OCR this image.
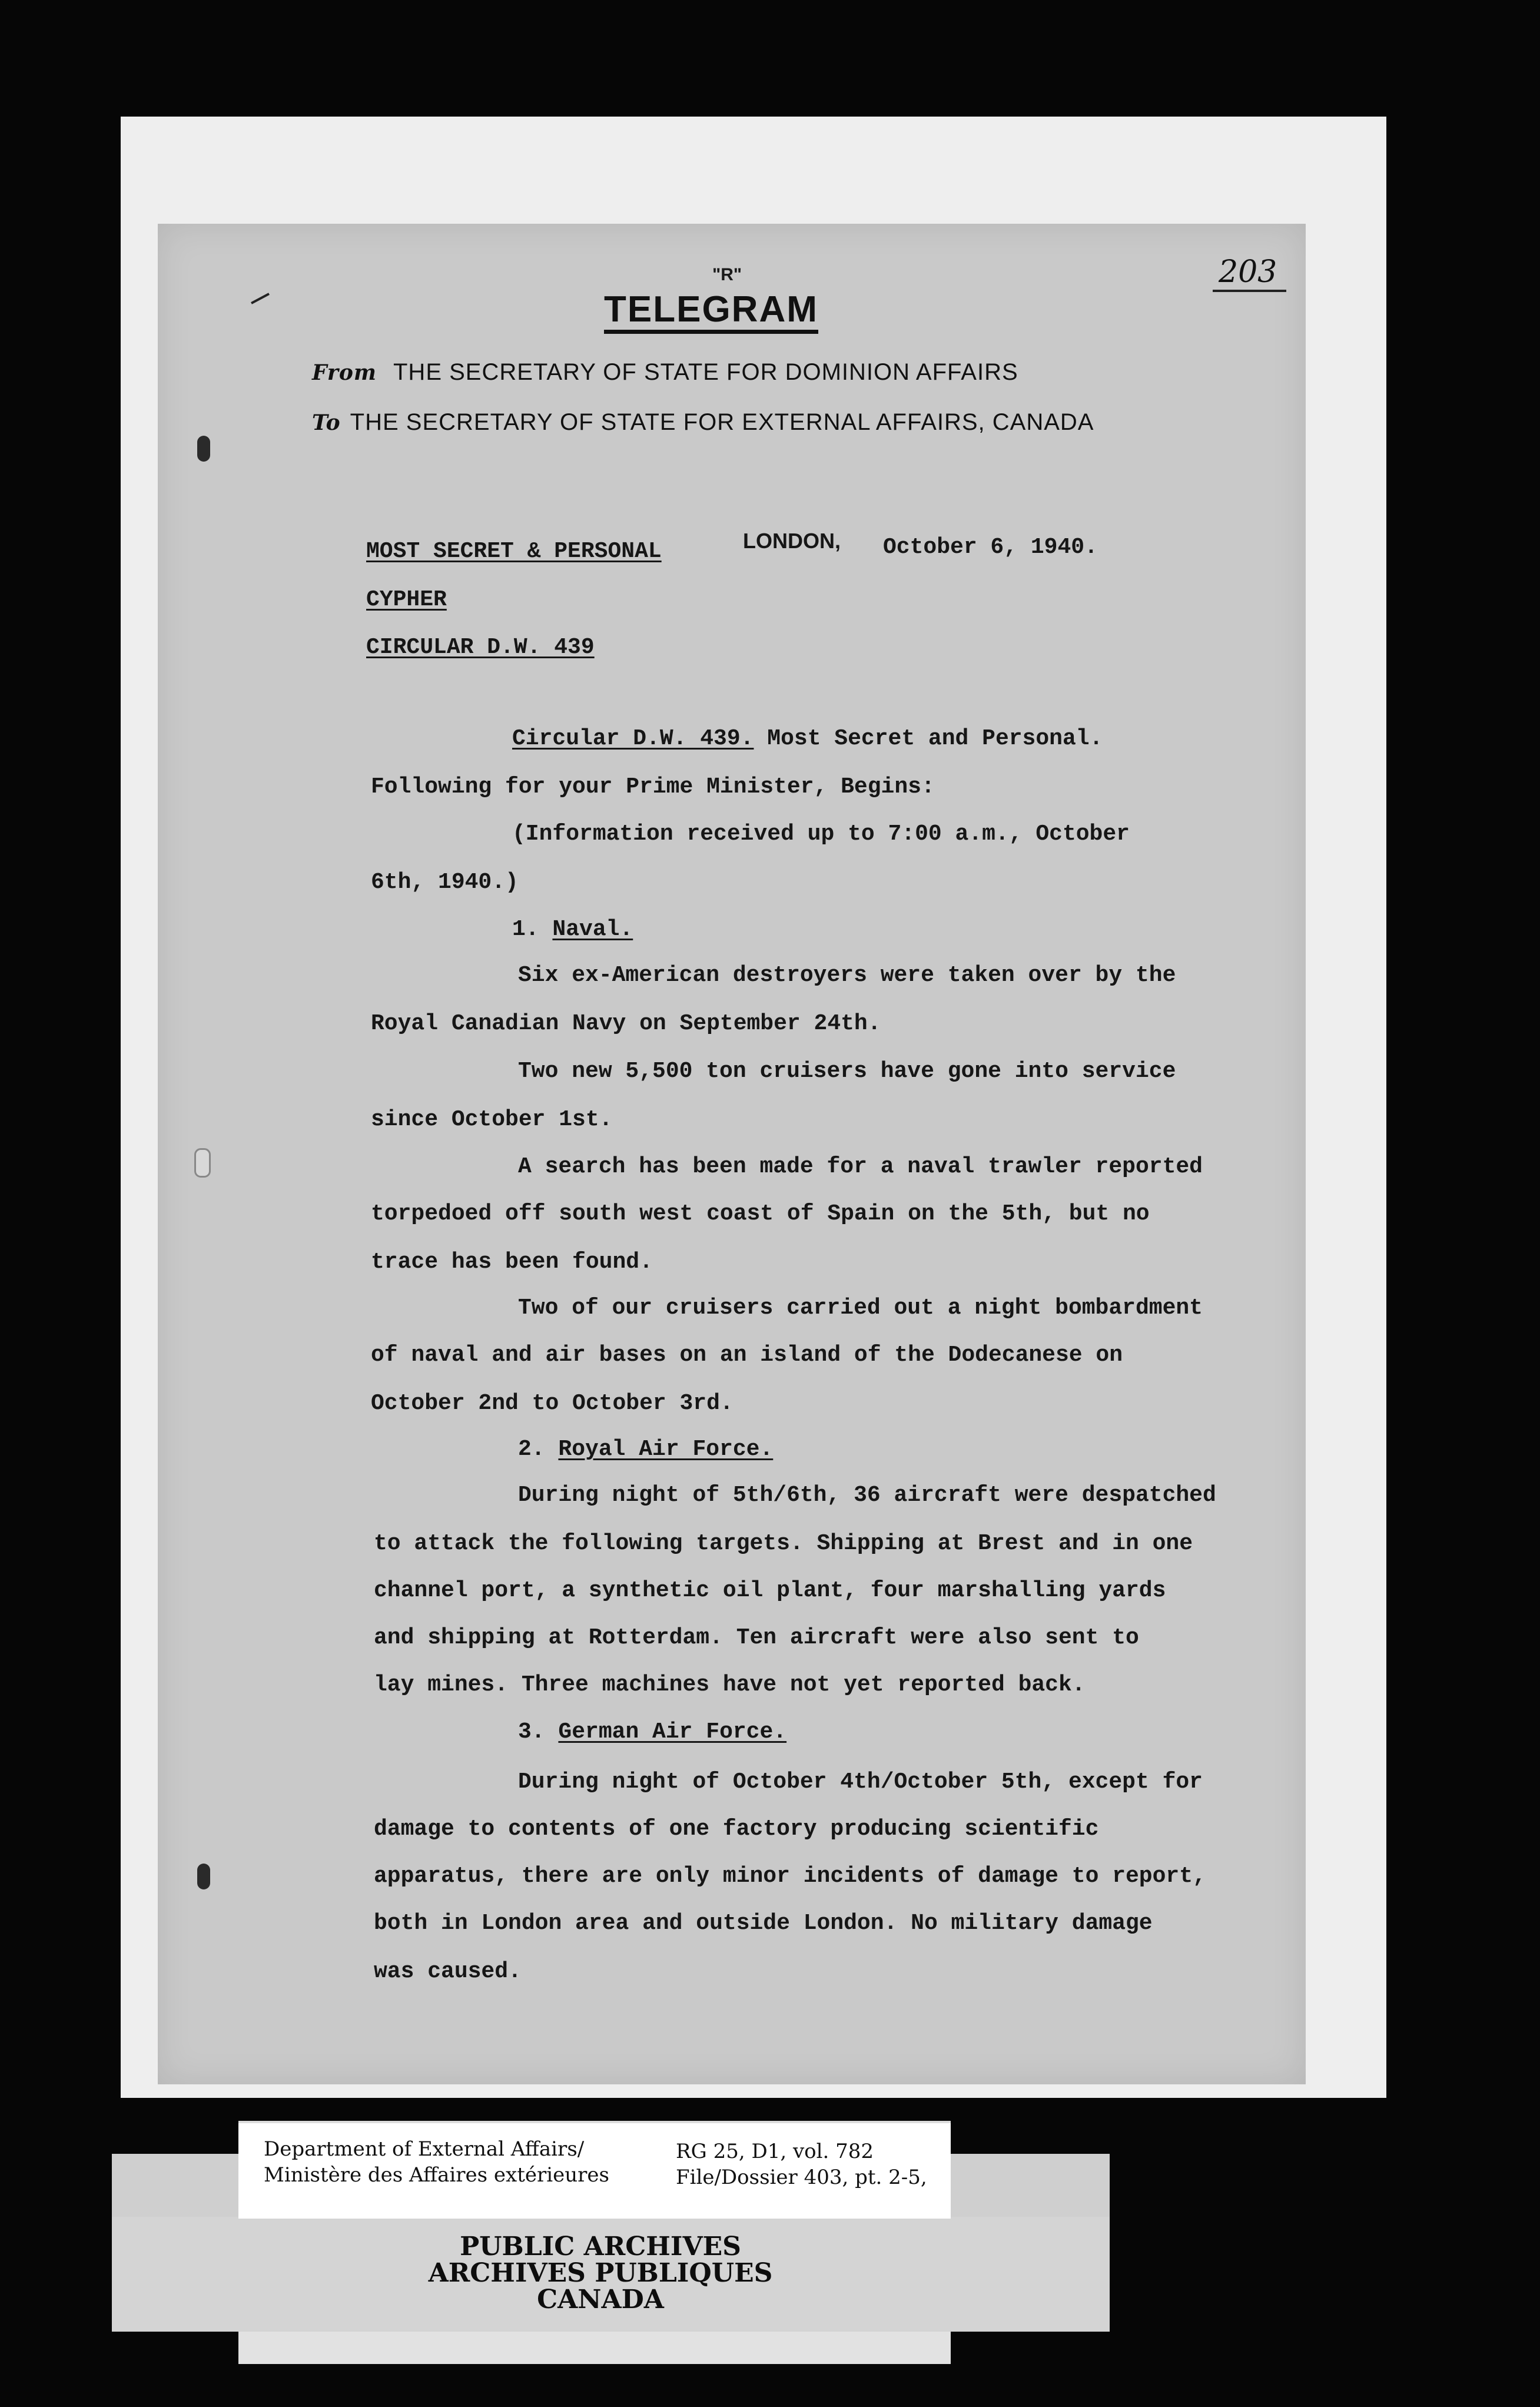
203
"R"
TELEGRAM
From THE SECRETARY OF STATE FOR DOMINION AFFAIRS
To THE SECRETARY OF STATE FOR EXTERNAL AFFAIRS, CANADA
MOST SECRET & PERSONAL	LONDON, October 6, 1940.
CYPHER
CIRCULAR D.W. 439
Circular D.W. 439. Most Secret and Personal.
Following for your Prime Minister, Begins:
(Information received up to 7:00 a.m., October
6th, 1940.)
1. Naval.
Six ex-American destroyers were taken over by the
Royal Canadian Navy on September 24th.
Two new 5,500 ton cruisers have gone into service
since October 1st.
A search has been made for a naval trawler reported
torpedoed off south west coast of Spain on the 5th, but no
trace has been found.
Two of our cruisers carried out a night bombardment
of naval and air bases on an island of the Dodecanese on
October 2nd to October 3rd.
2. Royal Air Force.
During night of 5th/6th, 36 aircraft were despatched
to attack the following targets. Shipping at Brest and in one
channel port, a synthetic oil plant, four marshalling yards
and shipping at Rotterdam. Ten aircraft were also sent to
lay mines. Three machines have not yet reported back.
3. German Air Force.
During night of October 4th/October 5th, except for
damage to contents of one factory producing scientific
apparatus, there are only minor incidents of damage to report,
both in London area and outside London. No military damage
was caused.
Department of External Affairs/
Ministère des Affaires extérieures
RG 25, D1, vol. 782
File/Dossier 403, pt. 2-5,
PUBLIC ARCHIVES
ARCHIVES PUBLIQUES
CANADA
